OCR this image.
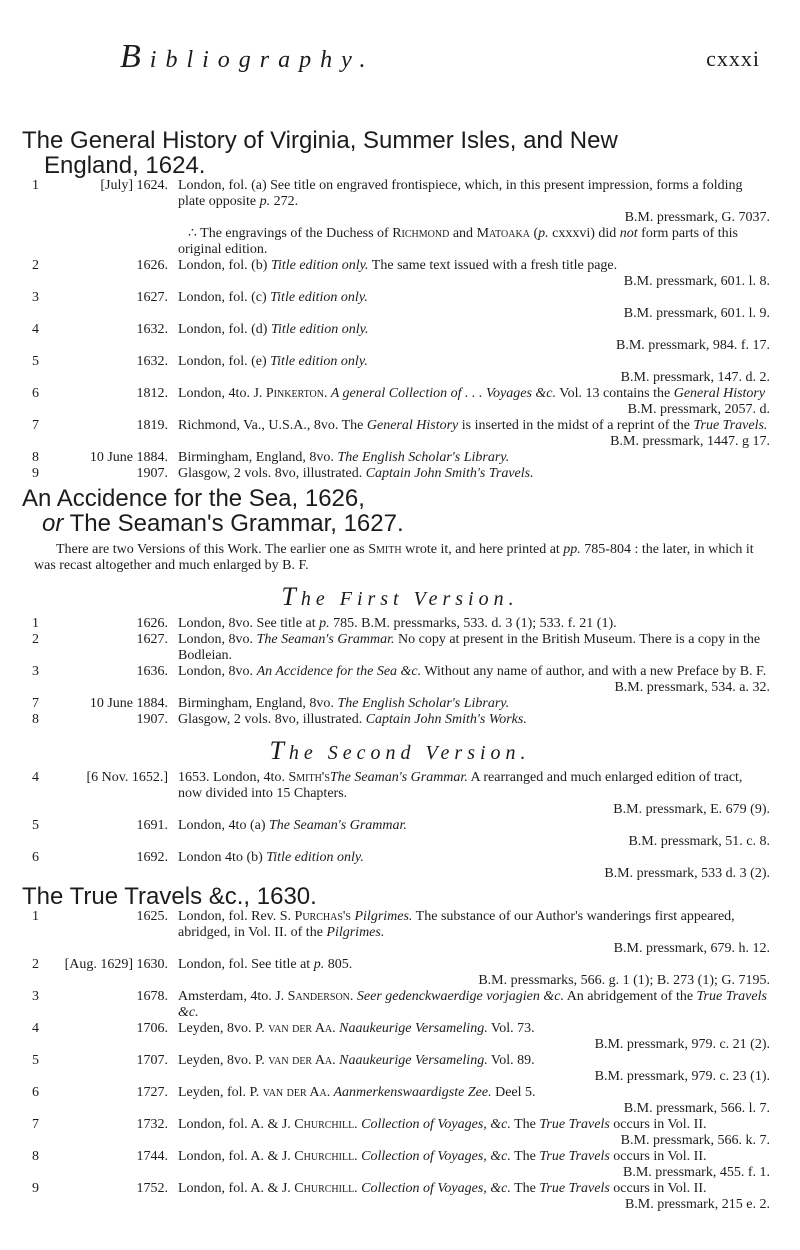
Bibliography.	cxxxi
The General History of Virginia, Summer Isles, and New
England, 1624.
1	[July] 1624. London, fol. (a) See title on engraved frontispiece, which, in this present impression, forms a folding plate opposite p. 272.
B.M. pressmark, G. 7037.
∴ The engravings of the Duchess of Richmond and Matoaka (p. cxxxvi) did not form parts of this original edition.
2	1626. London, fol. (b) Title edition only. The same text issued with a fresh title page.
B.M. pressmark, 601. l. 8.
3	1627. London, fol. (c) Title edition only.
B.M. pressmark, 601. l. 9.
4	1632. London, fol. (d) Title edition only.
B.M. pressmark, 984. f. 17.
5	1632. London, fol. (e) Title edition only.
B.M. pressmark, 147. d. 2.
6	1812. London, 4to. J. Pinkerton. A general Collection of . . . Voyages &c. Vol. 13 contains the General History
B.M. pressmark, 2057. d.
7	1819. Richmond, Va., U.S.A., 8vo. The General History is inserted in the midst of a reprint of the True Travels.
B.M. pressmark, 1447. g 17.
8	10 June 1884. Birmingham, England, 8vo. The English Scholar's Library.
9	1907. Glasgow, 2 vols. 8vo, illustrated. Captain John Smith's Travels.
An Accidence for the Sea, 1626,
or The Seaman's Grammar, 1627.
There are two Versions of this Work. The earlier one as Smith wrote it, and here printed at pp. 785-804 : the later, in which it was recast altogether and much enlarged by B. F.
The First Version.
1	1626. London, 8vo. See title at p. 785. B.M. pressmarks, 533. d. 3 (1); 533. f. 21 (1).
2	1627. London, 8vo. The Seaman's Grammar. No copy at present in the British Museum. There is a copy in the Bodleian.
3	1636. London, 8vo. An Accidence for the Sea &c. Without any name of author, and with a new Preface by B. F.
B.M. pressmark, 534. a. 32.
7	10 June 1884. Birmingham, England, 8vo. The English Scholar's Library.
8	1907. Glasgow, 2 vols. 8vo, illustrated. Captain John Smith's Works.
The Second Version.
4	[6 Nov. 1652.] 1653. London, 4to. Smith'sThe Seaman's Grammar. A rearranged and much enlarged edition of tract, now divided into 15 Chapters.
B.M. pressmark, E. 679 (9).
5	1691. London, 4to (a) The Seaman's Grammar.
B.M. pressmark, 51. c. 8.
6	1692. London 4to (b) Title edition only.
B.M. pressmark, 533 d. 3 (2).
The True Travels &c., 1630.
1	1625. London, fol. Rev. S. Purchas's Pilgrimes. The substance of our Author's wanderings first appeared, abridged, in Vol. II. of the Pilgrimes.
B.M. pressmark, 679. h. 12.
2	[Aug. 1629] 1630. London, fol. See title at p. 805.
B.M. pressmarks, 566. g. 1 (1); B. 273 (1); G. 7195.
3	1678. Amsterdam, 4to. J. Sanderson. Seer gedenckwaerdige vorjagien &c. An abridgement of the True Travels &c.
4	1706. Leyden, 8vo. P. van der Aa. Naaukeurige Versameling. Vol. 73.
B.M. pressmark, 979. c. 21 (2).
5	1707. Leyden, 8vo. P. van der Aa. Naaukeurige Versameling. Vol. 89.
B.M. pressmark, 979. c. 23 (1).
6	1727. Leyden, fol. P. van der Aa. Aanmerkenswaardigste Zee. Deel 5.
B.M. pressmark, 566. l. 7.
7	1732. London, fol. A. & J. Churchill. Collection of Voyages, &c. The True Travels occurs in Vol. II.
B.M. pressmark, 566. k. 7.
8	1744. London, fol. A. & J. Churchill. Collection of Voyages, &c. The True Travels occurs in Vol. II.
B.M. pressmark, 455. f. 1.
9	1752. London, fol. A. & J. Churchill. Collection of Voyages, &c. The True Travels occurs in Vol. II.
B.M. pressmark, 215 e. 2.
